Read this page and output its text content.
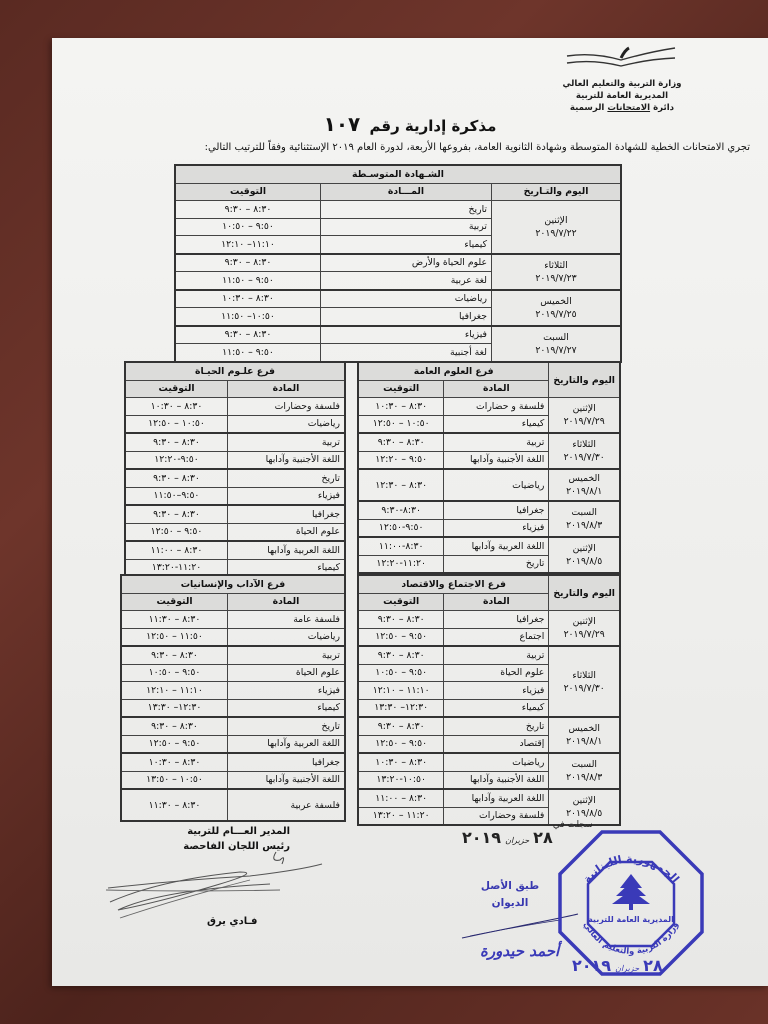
وزارة التربية والتعليم العالي
المديرية العامة للتربية
دائرة الامتحانات الرسمية
مذكرة إدارية رقم ١٠٧
تجري الامتحانات الخطية للشهادة المتوسطة وشهادة الثانوية العامة، بفروعها الأربعة، لدورة العام ٢٠١٩ الإستثنائية وفقاً للترتيب التالي:
الشـهادة المتوسـطة		
اليوم والتـاريخ	المـــادة	التوقيت

الإثنين
٢٠١٩/٧/٢٢	تاريخ	٨:٣٠ – ٩:٣٠
	تربية	٩:٥٠ – ١٠:٥٠
	كيمياء	١١:١٠– ١٢:١٠

الثلاثاء
٢٠١٩/٧/٢٣	علوم الحياة والأرض	٨:٣٠ – ٩:٣٠
	لغة عربية	٩:٥٠ – ١١:٥٠

الخميس
٢٠١٩/٧/٢٥	رياضيات	٨:٣٠ – ١٠:٣٠
	جغرافيا	١٠:٥٠– ١١:٥٠

السبت
٢٠١٩/٧/٢٧	فيزياء	٨:٣٠ – ٩:٣٠
	لغة أجنبية	٩:٥٠ – ١١:٥٠
اليوم والتاريخ	فرع العلوم العامة	
	المادة	التوقيت

الإثنين
٢٠١٩/٧/٢٩	فلسفة و حضارات	٨:٣٠ – ١٠:٣٠
	كيمياء	١٠:٥٠ – ١٢:٥٠

الثلاثاء
٢٠١٩/٧/٣٠	تربية	٨:٣٠ – ٩:٣٠
	اللغة الأجنبية وآدابها	٩:٥٠ – ١٢:٢٠

الخميس
٢٠١٩/٨/١	رياضيات	٨:٣٠ – ١٢:٣٠

السبت
٢٠١٩/٨/٣	جغرافيا	٨:٣٠-٩:٣٠
	فيزياء	٩:٥٠-١٢:٥٠

الإثنين
٢٠١٩/٨/٥	اللغة العربية وآدابها	٨:٣٠-١١:٠٠
	تاريخ	١١:٢٠-١٢:٢٠
فرع علـوم الحيـاة	
المادة	التوقيت
فلسفة وحضارات	٨:٣٠ – ١٠:٣٠
رياضيات	١٠:٥٠ – ١٢:٥٠
تربية	٨:٣٠ – ٩:٣٠
اللغة الأجنبية وآدابها	٩:٥٠-١٢:٢٠
تاريخ	٨:٣٠ – ٩:٣٠
فيزياء	٩:٥٠–١١:٥٠
جغرافيا	٨:٣٠ – ٩:٣٠
علوم الحياة	٩:٥٠ – ١٢:٥٠
اللغة العربية وآدابها	٨:٣٠ – ١١:٠٠
كيمياء	١١:٢٠-١٣:٢٠
اليوم والتاريخ	فرع الاجتماع والاقتصاد	
	المادة	التوقيت

الإثنين
٢٠١٩/٧/٢٩	جغرافيا	٨:٣٠ – ٩:٣٠
	اجتماع	٩:٥٠ – ١٢:٥٠

الثلاثاء
٢٠١٩/٧/٣٠	تربية	٨:٣٠ – ٩:٣٠
	علوم الحياة	٩:٥٠ – ١٠:٥٠
	فيزياء	١١:١٠ – ١٢:١٠
	كيمياء	١٢:٣٠– ١٣:٣٠

الخميس
٢٠١٩/٨/١	تاريخ	٨:٣٠ – ٩:٣٠
	إقتصاد	٩:٥٠ – ١٢:٥٠

السبت
٢٠١٩/٨/٣	رياضيات	٨:٣٠ – ١٠:٣٠
	اللغة الأجنبية وآدابها	١٠:٥٠-١٣:٢٠

الإثنين
٢٠١٩/٨/٥	اللغة العربية وآدابها	٨:٣٠ – ١١:٠٠
	فلسفة وحضارات	١١:٢٠ – ١٣:٢٠
فرع الآداب والإنسانيات	
المادة	التوقيت
فلسفة عامة	٨:٣٠ – ١١:٣٠
رياضيات	١١:٥٠ – ١٢:٥٠
تربية	٨:٣٠ – ٩:٣٠
علوم الحياة	٩:٥٠ – ١٠:٥٠
فيزياء	١١:١٠ – ١٢:١٠
كيمياء	١٢:٣٠– ١٣:٣٠
تاريخ	٨:٣٠ – ٩:٣٠
اللغة العربية وآدابها	٩:٥٠ – ١٢:٥٠
جغرافيا	٨:٣٠ – ١٠:٣٠
اللغة الأجنبية وآدابها	١٠:٥٠ – ١٣:٥٠
فلسفة عربية	٨:٣٠ – ١١:٣٠
المدير العـــام للتربية
رئيس اللجان الفاحصة
فـادي يرق
سجلت في
٢٨حزيران٢٠١٩
طبق الأصل
الديوان
أحمد حيدورة
٢٨حزيران٢٠١٩
الجمهورية اللبنانية
وزارة التربية والتعليم العالي
المديرية العامة للتربية
